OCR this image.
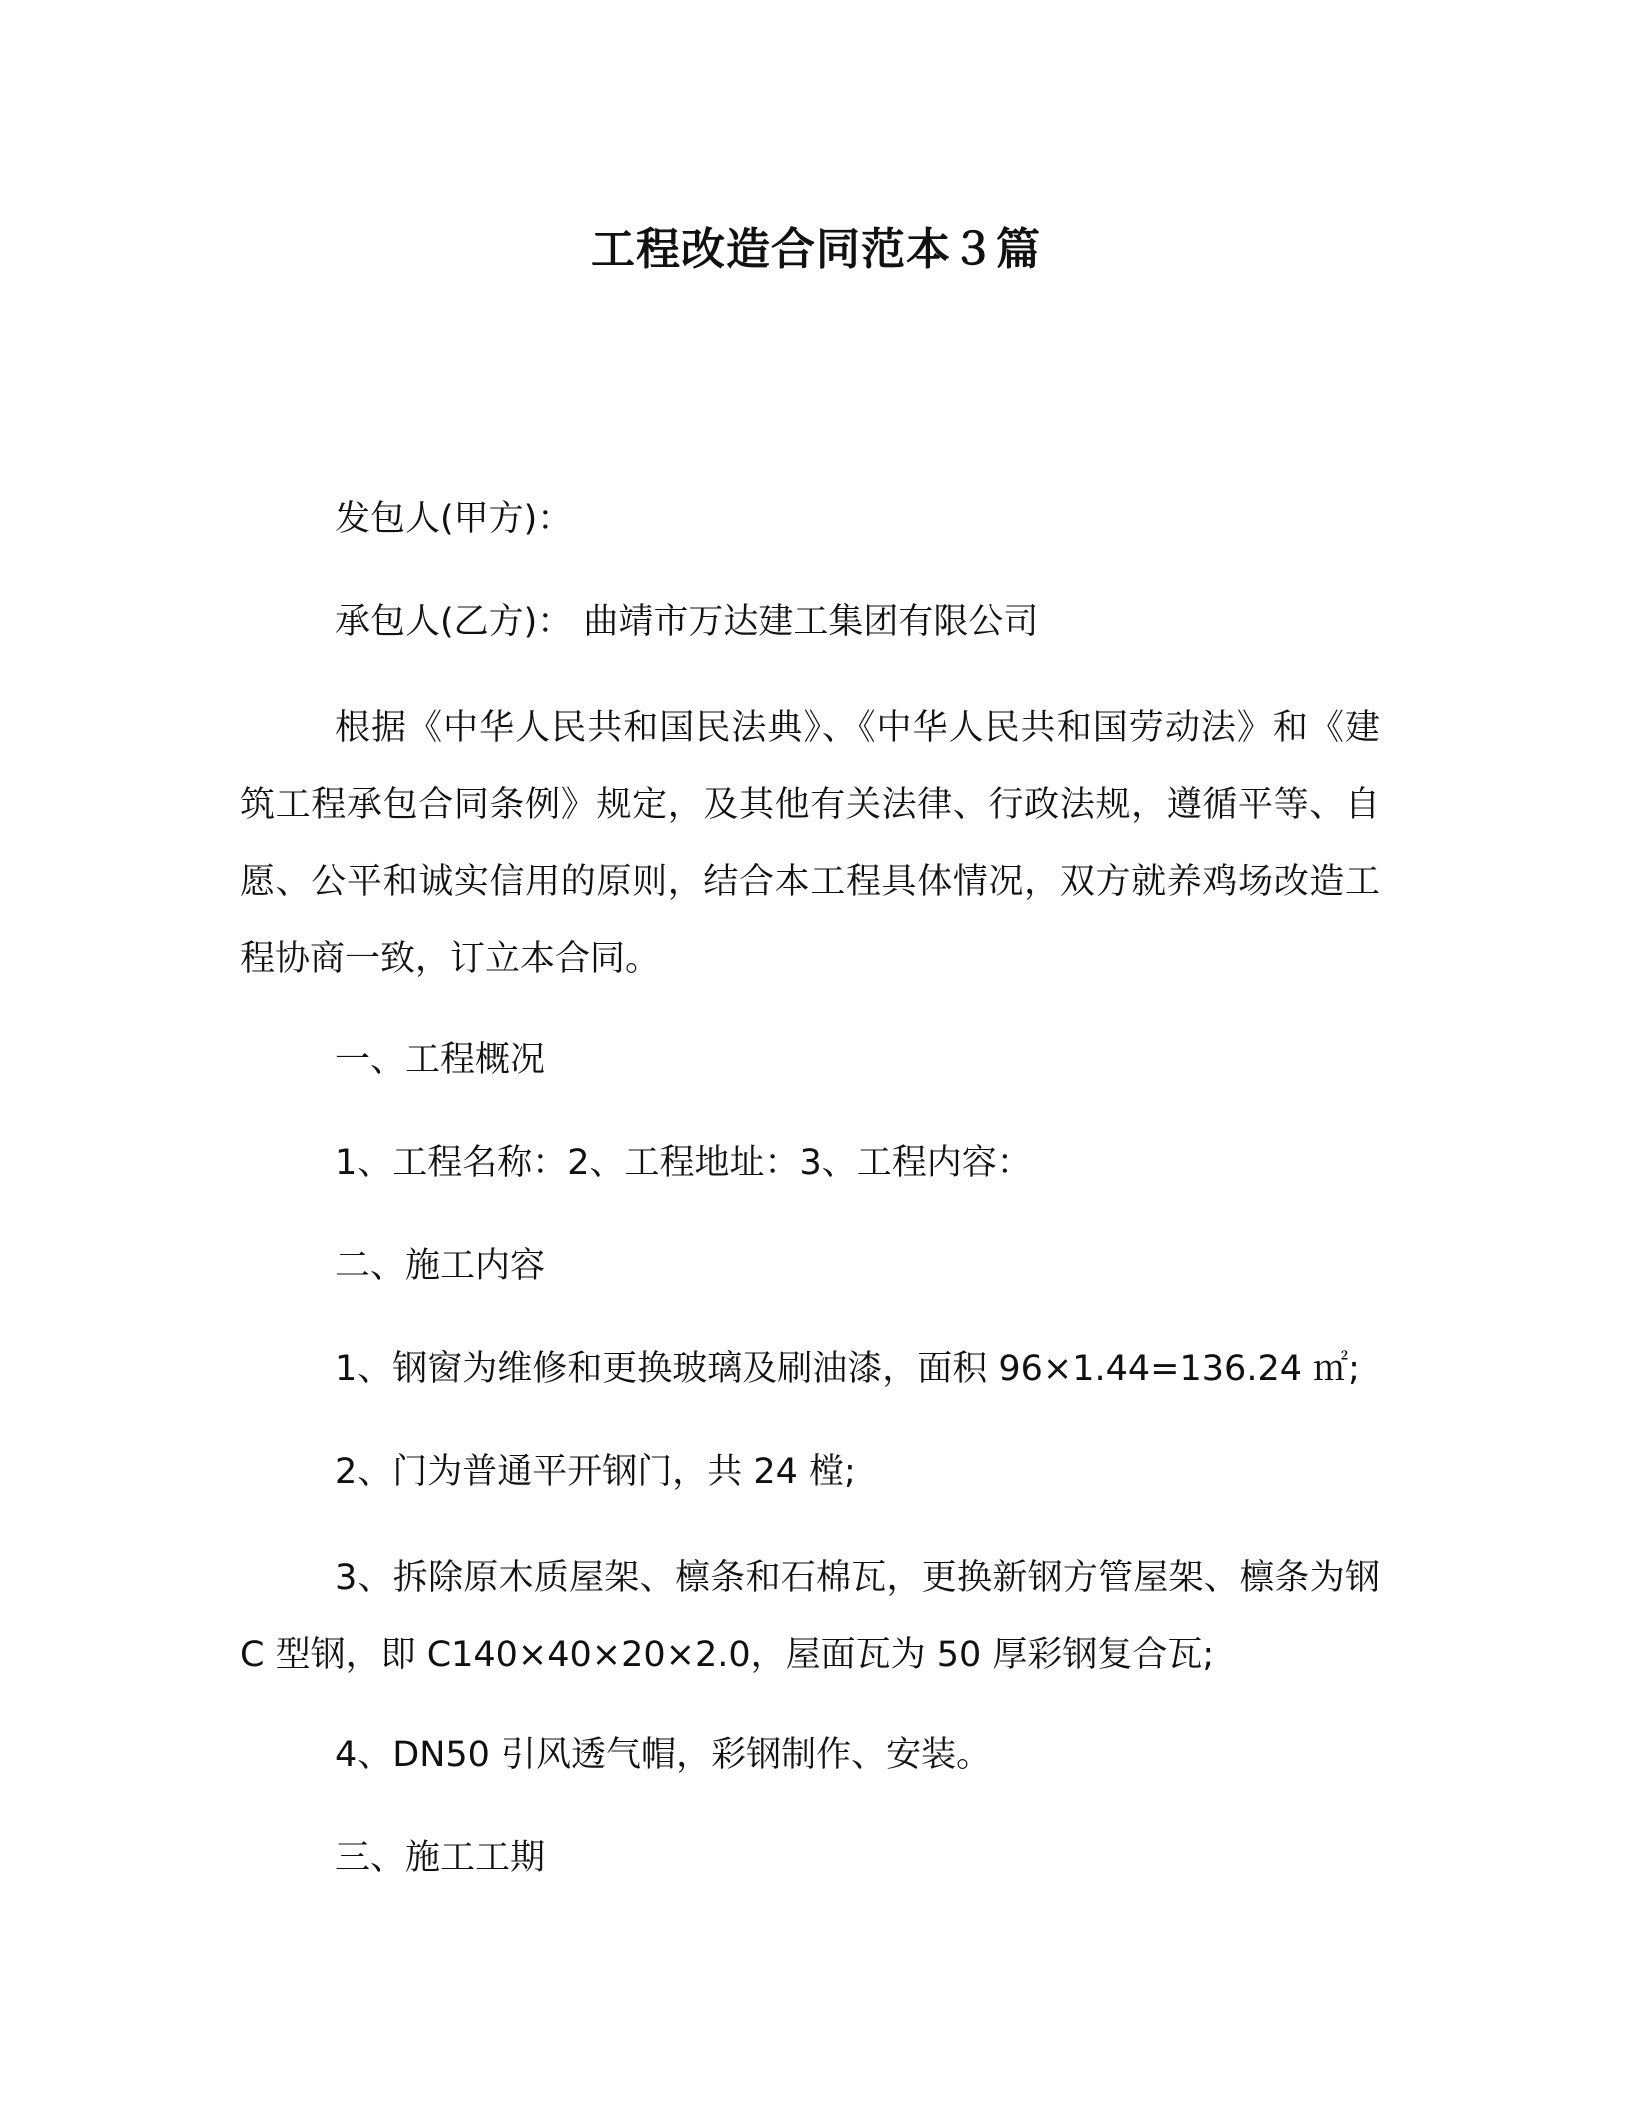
工程改造合同范本３篇
发包人(甲方)：
承包人(乙方)： 曲靖市万达建工集团有限公司
根据《中华人民共和国民法典》、《中华人民共和国劳动法》和《建筑工程承包合同条例》规定，及其他有关法律、行政法规，遵循平等、自愿、公平和诚实信用的原则，结合本工程具体情况，双方就养鸡场改造工程协商一致，订立本合同。
一、工程概况
1、工程名称：2、工程地址：3、工程内容：
二、施工内容
1、钢窗为维修和更换玻璃及刷油漆，面积 96×1.44=136.24 ㎡;
2、门为普通平开钢门，共 24 樘;
3、拆除原木质屋架、檩条和石棉瓦，更换新钢方管屋架、檩条为钢 C 型钢，即 C140×40×20×2.0，屋面瓦为 50 厚彩钢复合瓦;
4、DN50 引风透气帽，彩钢制作、安装。
三、施工工期
